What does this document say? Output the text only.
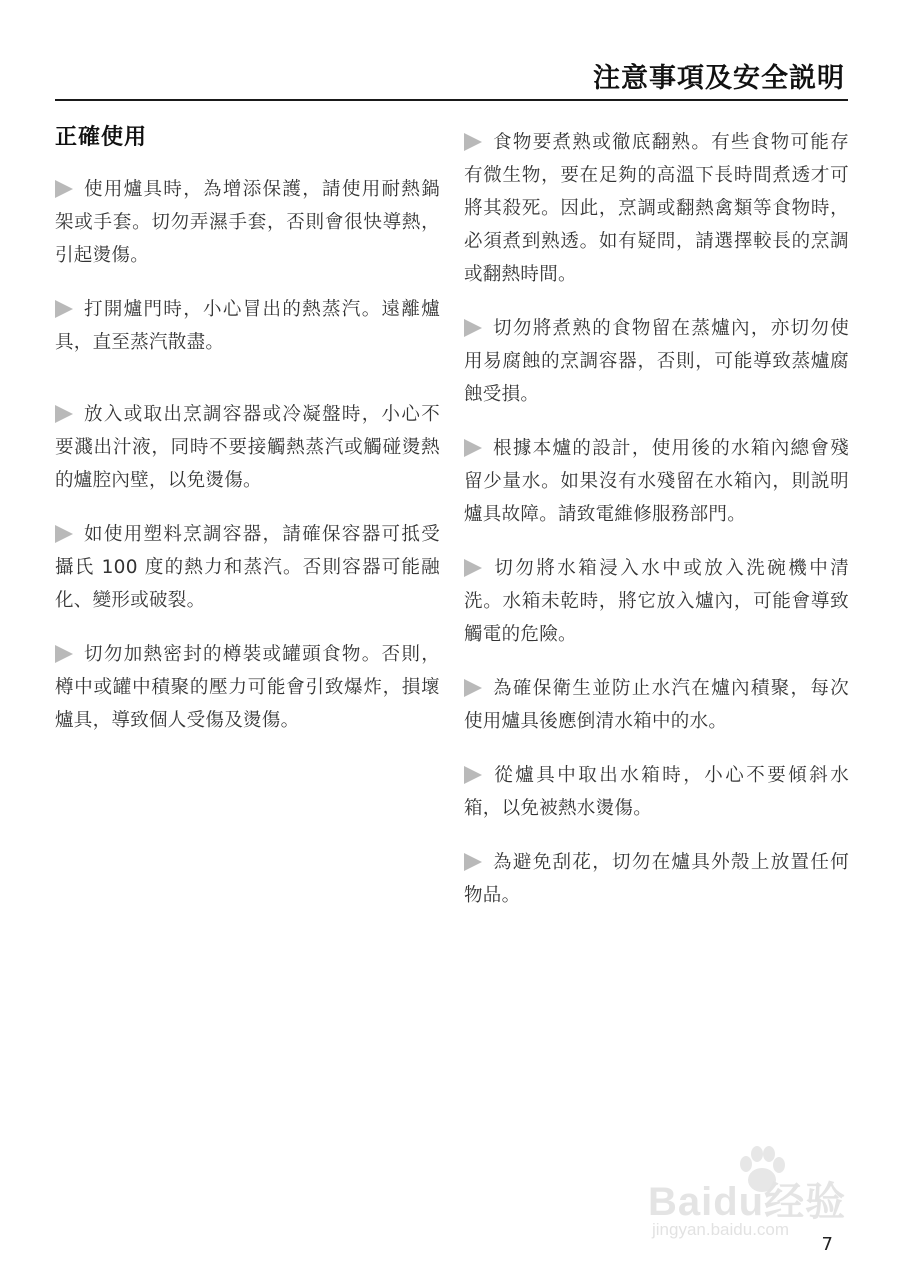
注意事項及安全説明
正確使用

使用爐具時，為增添保護，請使用耐熱鍋架或手套。切勿弄濕手套，否則會很快導熱，引起燙傷。

打開爐門時，小心冒出的熱蒸汽。遠離爐具，直至蒸汽散盡。

放入或取出烹調容器或冷凝盤時，小心不要濺出汁液，同時不要接觸熱蒸汽或觸碰燙熱的爐腔內壁，以免燙傷。

如使用塑料烹調容器，請確保容器可抵受攝氏 100 度的熱力和蒸汽。否則容器可能融化、變形或破裂。

切勿加熱密封的樽裝或罐頭食物。否則，樽中或罐中積聚的壓力可能會引致爆炸，損壞爐具，導致個人受傷及燙傷。

食物要煮熟或徹底翻熟。有些食物可能存有微生物，要在足夠的高溫下長時間煮透才可將其殺死。因此，烹調或翻熱禽類等食物時，必須煮到熟透。如有疑問，請選擇較長的烹調或翻熱時間。

切勿將煮熟的食物留在蒸爐內，亦切勿使用易腐蝕的烹調容器，否則，可能導致蒸爐腐蝕受損。

根據本爐的設計，使用後的水箱內總會殘留少量水。如果沒有水殘留在水箱內，則説明爐具故障。請致電維修服務部門。

切勿將水箱浸入水中或放入洗碗機中清洗。水箱未乾時，將它放入爐內，可能會導致觸電的危險。

為確保衛生並防止水汽在爐內積聚，每次使用爐具後應倒清水箱中的水。

從爐具中取出水箱時，小心不要傾斜水箱，以免被熱水燙傷。

為避免刮花，切勿在爐具外殼上放置任何物品。

Baidu经验
jingyan.baidu.com
7
